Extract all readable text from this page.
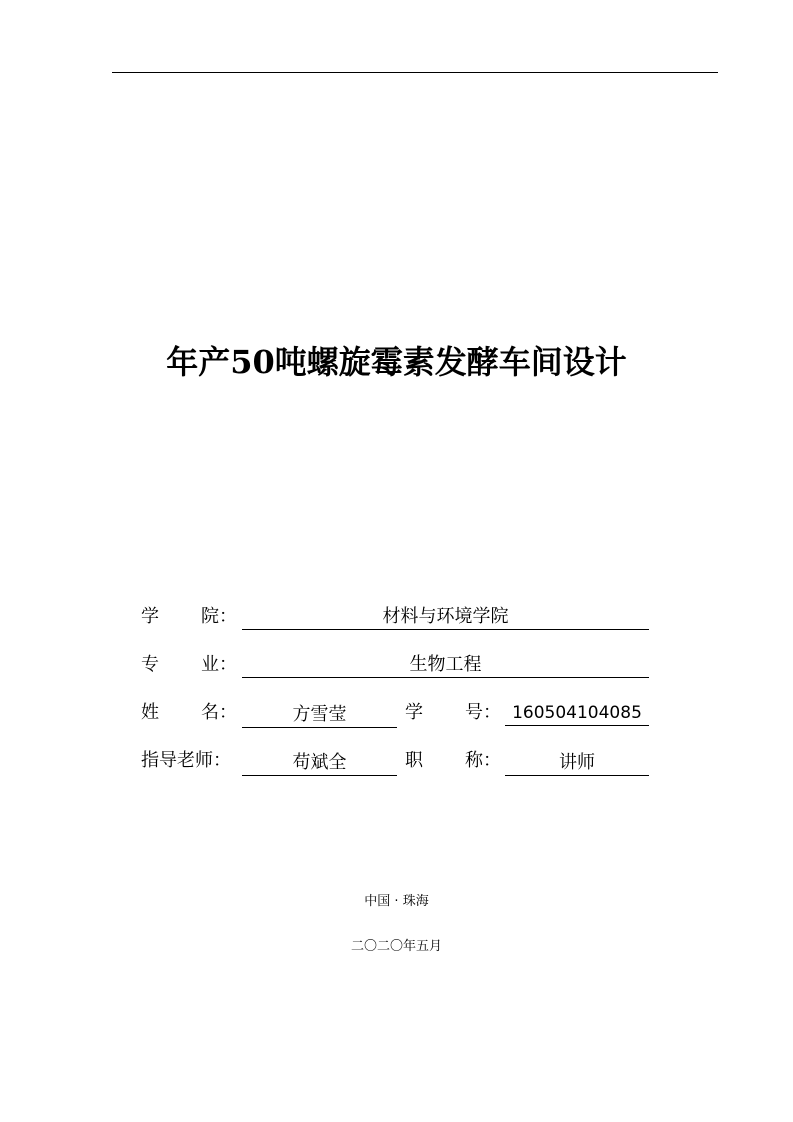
年产50吨螺旋霉素发酵车间设计
学 院：	材料与环境学院
专 业：	生物工程
姓 名：	方雪莹	学 号： 160504104085
指导老师：	苟斌全	职 称：	讲师
中国 · 珠海
二〇二〇年五月
